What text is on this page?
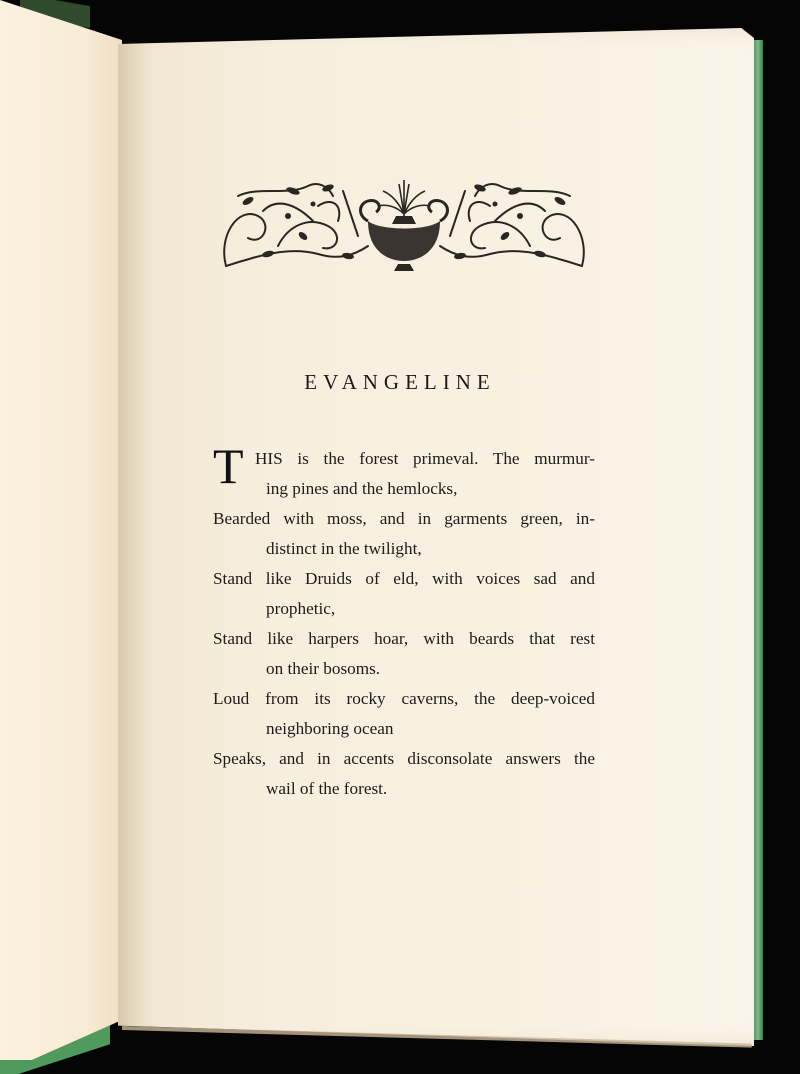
EVANGELINE
T HIS is the forest primeval. The murmur-
ing pines and the hemlocks,
Bearded with moss, and in garments green, in-
distinct in the twilight,
Stand like Druids of eld, with voices sad and
prophetic,
Stand like harpers hoar, with beards that rest
on their bosoms.
Loud from its rocky caverns, the deep-voiced
neighboring ocean
Speaks, and in accents disconsolate answers the
wail of the forest.
